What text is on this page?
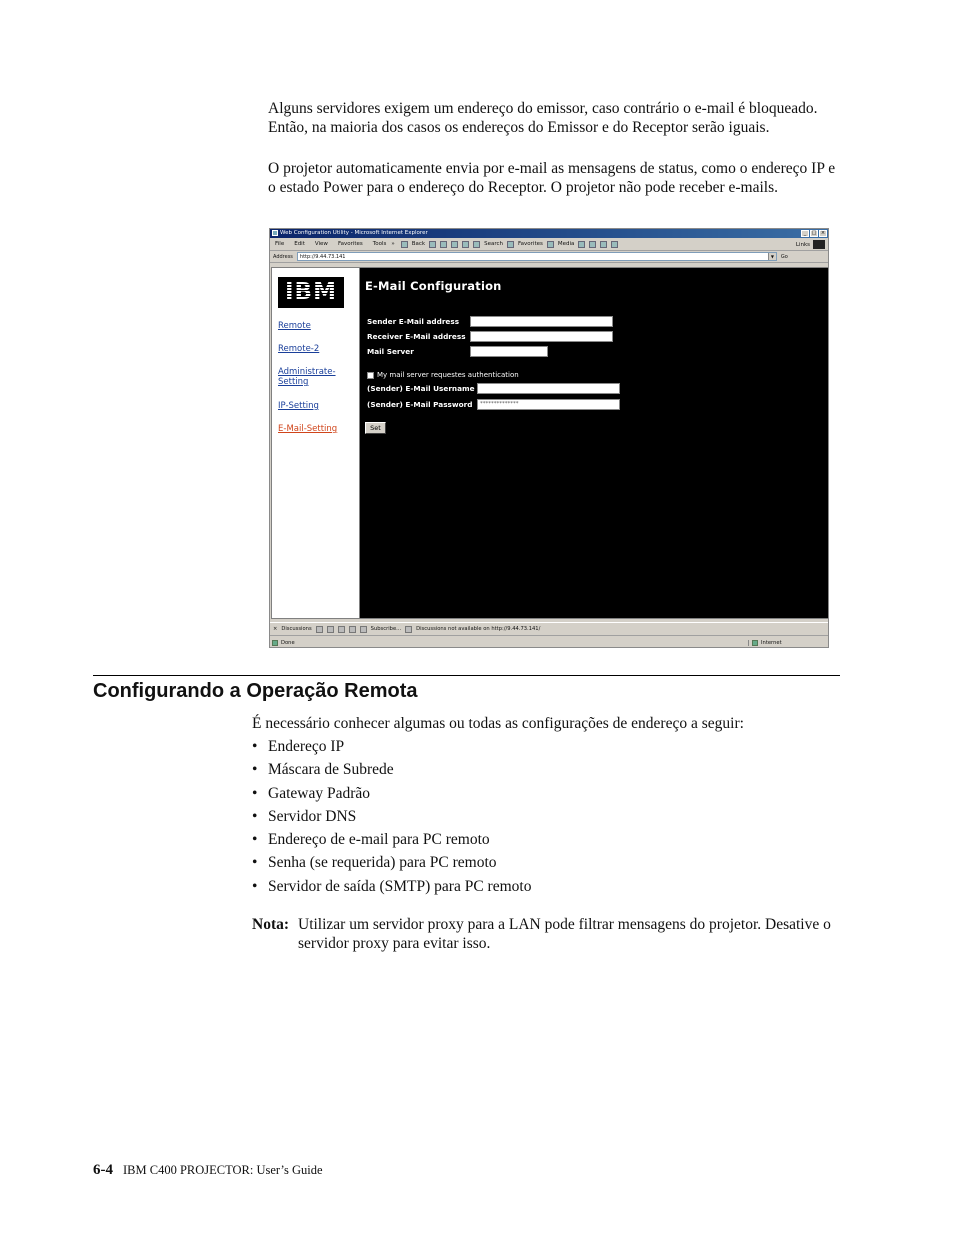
Alguns servidores exigem um endereço do emissor, caso contrário o e-mail é bloqueado. Então, na maioria dos casos os endereços do Emissor e do Receptor serão iguais.

O projetor automaticamente envia por e-mail as mensagens de status, como o endereço IP e o estado Power para o endereço do Receptor. O projetor não pode receber e-mails.

Web Configuration Utility - Microsoft Internet Explorer	_	□ ×
File	Edit	View	Favorites	Tools »	Back	Search	Favorites	Media	Links
Address	http://9.44.73.141	▼	Go
IBM
Remote
Remote-2
Administrate-Setting
IP-Setting
E-Mail-Setting
E-Mail Configuration
Sender E-Mail address
Receiver E-Mail address
Mail Server
My mail server requestes authentication
(Sender) E-Mail Username
(Sender) E-Mail Password	**************
Set
× Discussions	Subscribe...	Discussions not available on http://9.44.73.141/
Done	Internet
Configurando a Operação Remota

É necessário conhecer algumas ou todas as configurações de endereço a seguir:

• Endereço IP
• Máscara de Subrede
• Gateway Padrão
• Servidor DNS
• Endereço de e-mail para PC remoto
• Senha (se requerida) para PC remoto
• Servidor de saída (SMTP) para PC remoto
Nota: Utilizar um servidor proxy para a LAN pode filtrar mensagens do projetor. Desative o servidor proxy para evitar isso.
6-4 IBM C400 PROJECTOR: User’s Guide
